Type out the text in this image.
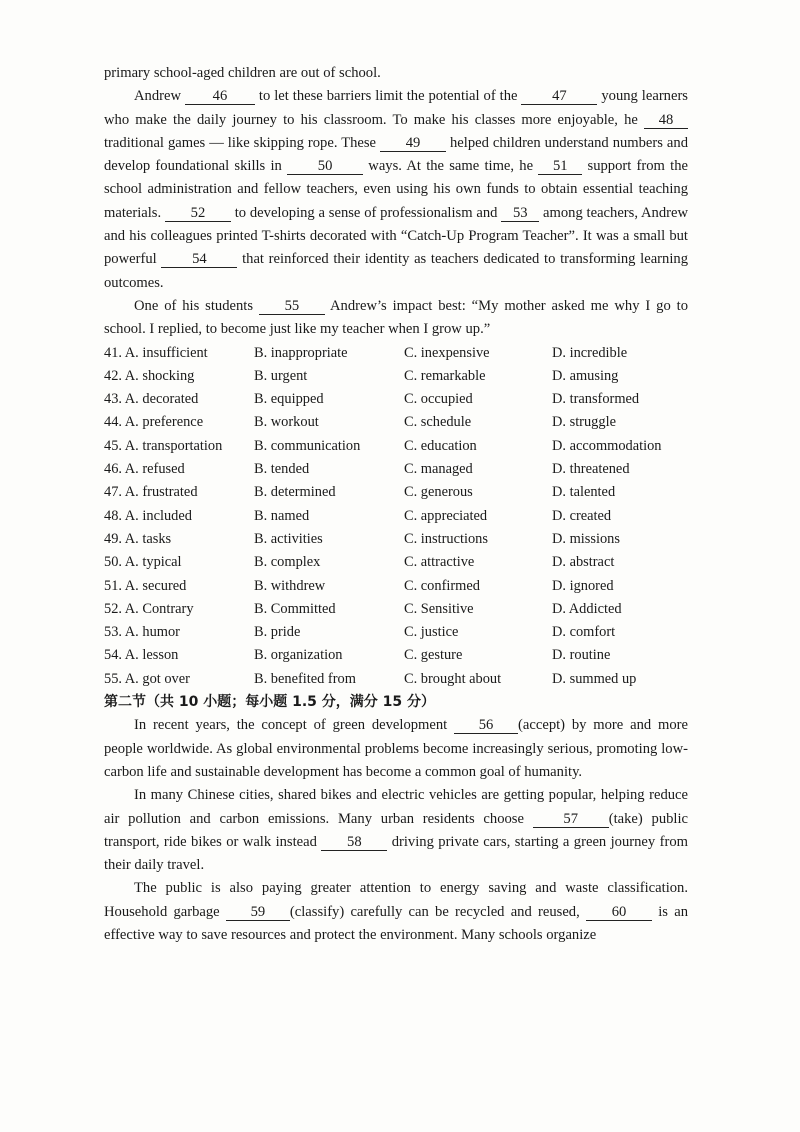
primary school-aged children are out of school.

Andrew 46 to let these barriers limit the potential of the 47 young learners who make the daily journey to his classroom. To make his classes more enjoyable, he 48 traditional games — like skipping rope. These 49 helped children understand numbers and develop foundational skills in 50 ways. At the same time, he 51 support from the school administration and fellow teachers, even using his own funds to obtain essential teaching materials. 52 to developing a sense of professionalism and 53 among teachers, Andrew and his colleagues printed T-shirts decorated with “Catch-Up Program Teacher”. It was a small but powerful 54 that reinforced their identity as teachers dedicated to transforming learning outcomes.

One of his students 55 Andrew’s impact best: “My mother asked me why I go to school. I replied, to become just like my teacher when I grow up.”

41. A. insufficient	B. inappropriate	C. inexpensive	D. incredible
42. A. shocking	B. urgent	C. remarkable	D. amusing
43. A. decorated	B. equipped	C. occupied	D. transformed
44. A. preference	B. workout	C. schedule	D. struggle
45. A. transportation	B. communication	C. education	D. accommodation
46. A. refused	B. tended	C. managed	D. threatened
47. A. frustrated	B. determined	C. generous	D. talented
48. A. included	B. named	C. appreciated	D. created
49. A. tasks	B. activities	C. instructions	D. missions
50. A. typical	B. complex	C. attractive	D. abstract
51. A. secured	B. withdrew	C. confirmed	D. ignored
52. A. Contrary	B. Committed	C. Sensitive	D. Addicted
53. A. humor	B. pride	C. justice	D. comfort
54. A. lesson	B. organization	C. gesture	D. routine
55. A. got over	B. benefited from	C. brought about	D. summed up

第二节（共 10 小题；每小题 1.5 分，满分 15 分）

In recent years, the concept of green development 56 (accept) by more and more people worldwide. As global environmental problems become increasingly serious, promoting low- carbon life and sustainable development has become a common goal of humanity.

In many Chinese cities, shared bikes and electric vehicles are getting popular, helping reduce air pollution and carbon emissions. Many urban residents choose 57 (take) public transport, ride bikes or walk instead 58 driving private cars, starting a green journey from their daily travel.

The public is also paying greater attention to energy saving and waste classification. Household garbage 59 (classify) carefully can be recycled and reused, 60 is an effective way to save resources and protect the environment. Many schools organize
